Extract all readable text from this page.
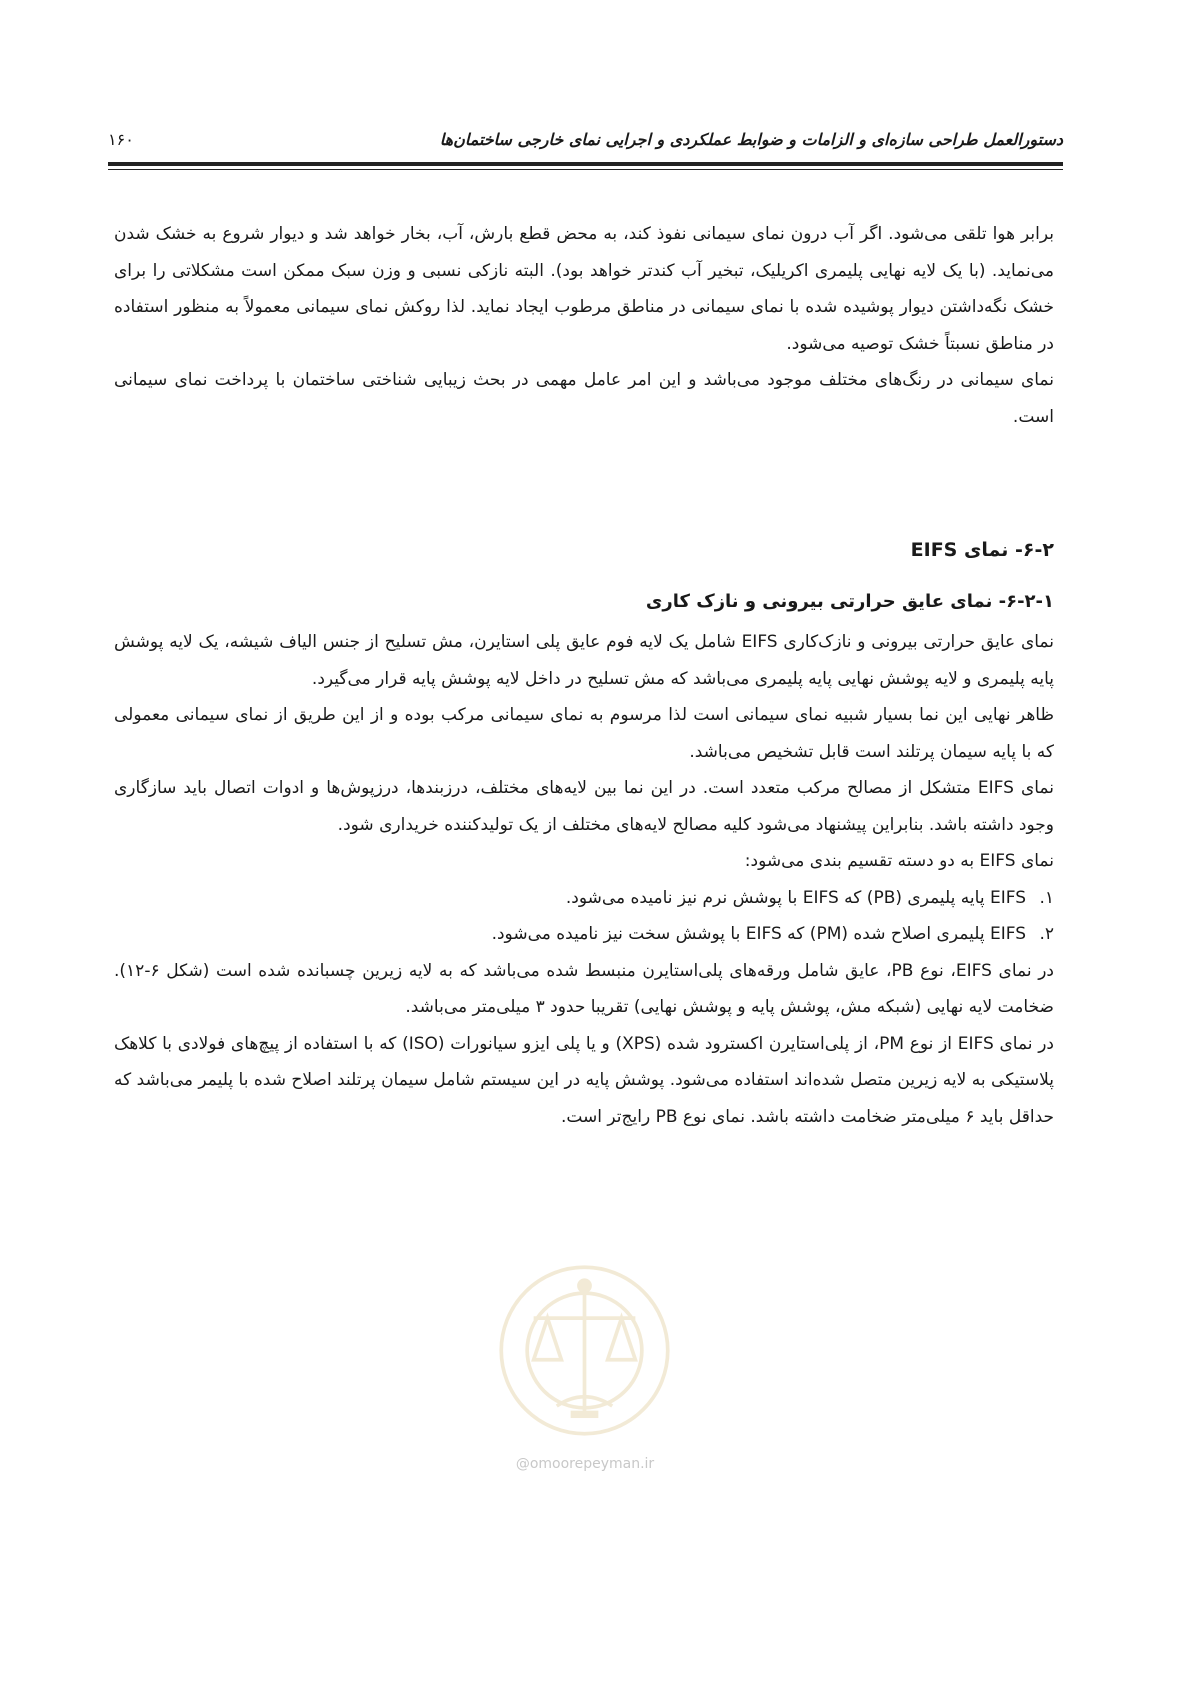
دستورالعمل طراحی سازه‌ای و الزامات و ضوابط عملکردی و اجرایی نمای خارجی ساختمان‌ها
۱۶۰

برابر هوا تلقی می‌شود. اگر آب درون نمای سیمانی نفوذ کند، به محض قطع بارش، آب، بخار خواهد شد و دیوار شروع به خشک شدن می‌نماید. (با یک لایه نهایی پلیمری اکریلیک، تبخیر آب کندتر خواهد بود). البته نازکی نسبی و وزن سبک ممکن است مشکلاتی را برای خشک نگه‌داشتن دیوار پوشیده شده با نمای سیمانی در مناطق مرطوب ایجاد نماید. لذا روکش نمای سیمانی معمولاً به منظور استفاده در مناطق نسبتاً خشک توصیه می‌شود.

نمای سیمانی در رنگ‌های مختلف موجود می‌باشد و این امر عامل مهمی در بحث زیبایی شناختی ساختمان با پرداخت نمای سیمانی است.

۶-۲- نمای EIFS

۶-۲-۱- نمای عایق حرارتی بیرونی و نازک کاری

نمای عایق حرارتی بیرونی و نازک‌کاری EIFS شامل یک لایه فوم عایق پلی استایرن، مش تسلیح از جنس الیاف شیشه، یک لایه پوشش پایه پلیمری و لایه پوشش نهایی پایه پلیمری می‌باشد که مش تسلیح در داخل لایه پوشش پایه قرار می‌گیرد.

ظاهر نهایی این نما بسیار شبیه نمای سیمانی است لذا مرسوم به نمای سیمانی مرکب بوده و از این طریق از نمای سیمانی معمولی که با پایه سیمان پرتلند است قابل تشخیص می‌باشد.

نمای EIFS متشکل از مصالح مرکب متعدد است. در این نما بین لایه‌های مختلف، درزبندها، درزپوش‌ها و ادوات اتصال باید سازگاری وجود داشته باشد. بنابراین پیشنهاد می‌شود کلیه مصالح لایه‌های مختلف از یک تولیدکننده خریداری شود.

نمای EIFS به دو دسته تقسیم بندی می‌شود:

۱.
EIFS پایه پلیمری (PB) که EIFS با پوشش نرم نیز نامیده می‌شود.
۲.
EIFS پلیمری اصلاح شده (PM) که EIFS با پوشش سخت نیز نامیده می‌شود.

در نمای EIFS، نوع PB، عایق شامل ورقه‌های پلی‌استایرن منبسط شده می‌باشد که به لایه زیرین چسبانده شده است (شکل ۶-۱۲). ضخامت لایه نهایی (شبکه مش، پوشش پایه و پوشش نهایی) تقریبا حدود ۳ میلی‌متر می‌باشد.

در نمای EIFS از نوع PM، از پلی‌استایرن اکسترود شده (XPS) و یا پلی ایزو سیانورات (ISO) که با استفاده از پیچ‌های فولادی با کلاهک پلاستیکی به لایه زیرین متصل شده‌اند استفاده می‌شود. پوشش پایه در این سیستم شامل سیمان پرتلند اصلاح شده با پلیمر می‌باشد که حداقل باید ۶ میلی‌متر ضخامت داشته باشد. نمای نوع PB رایج‌تر است.

@omoorepeyman.ir
